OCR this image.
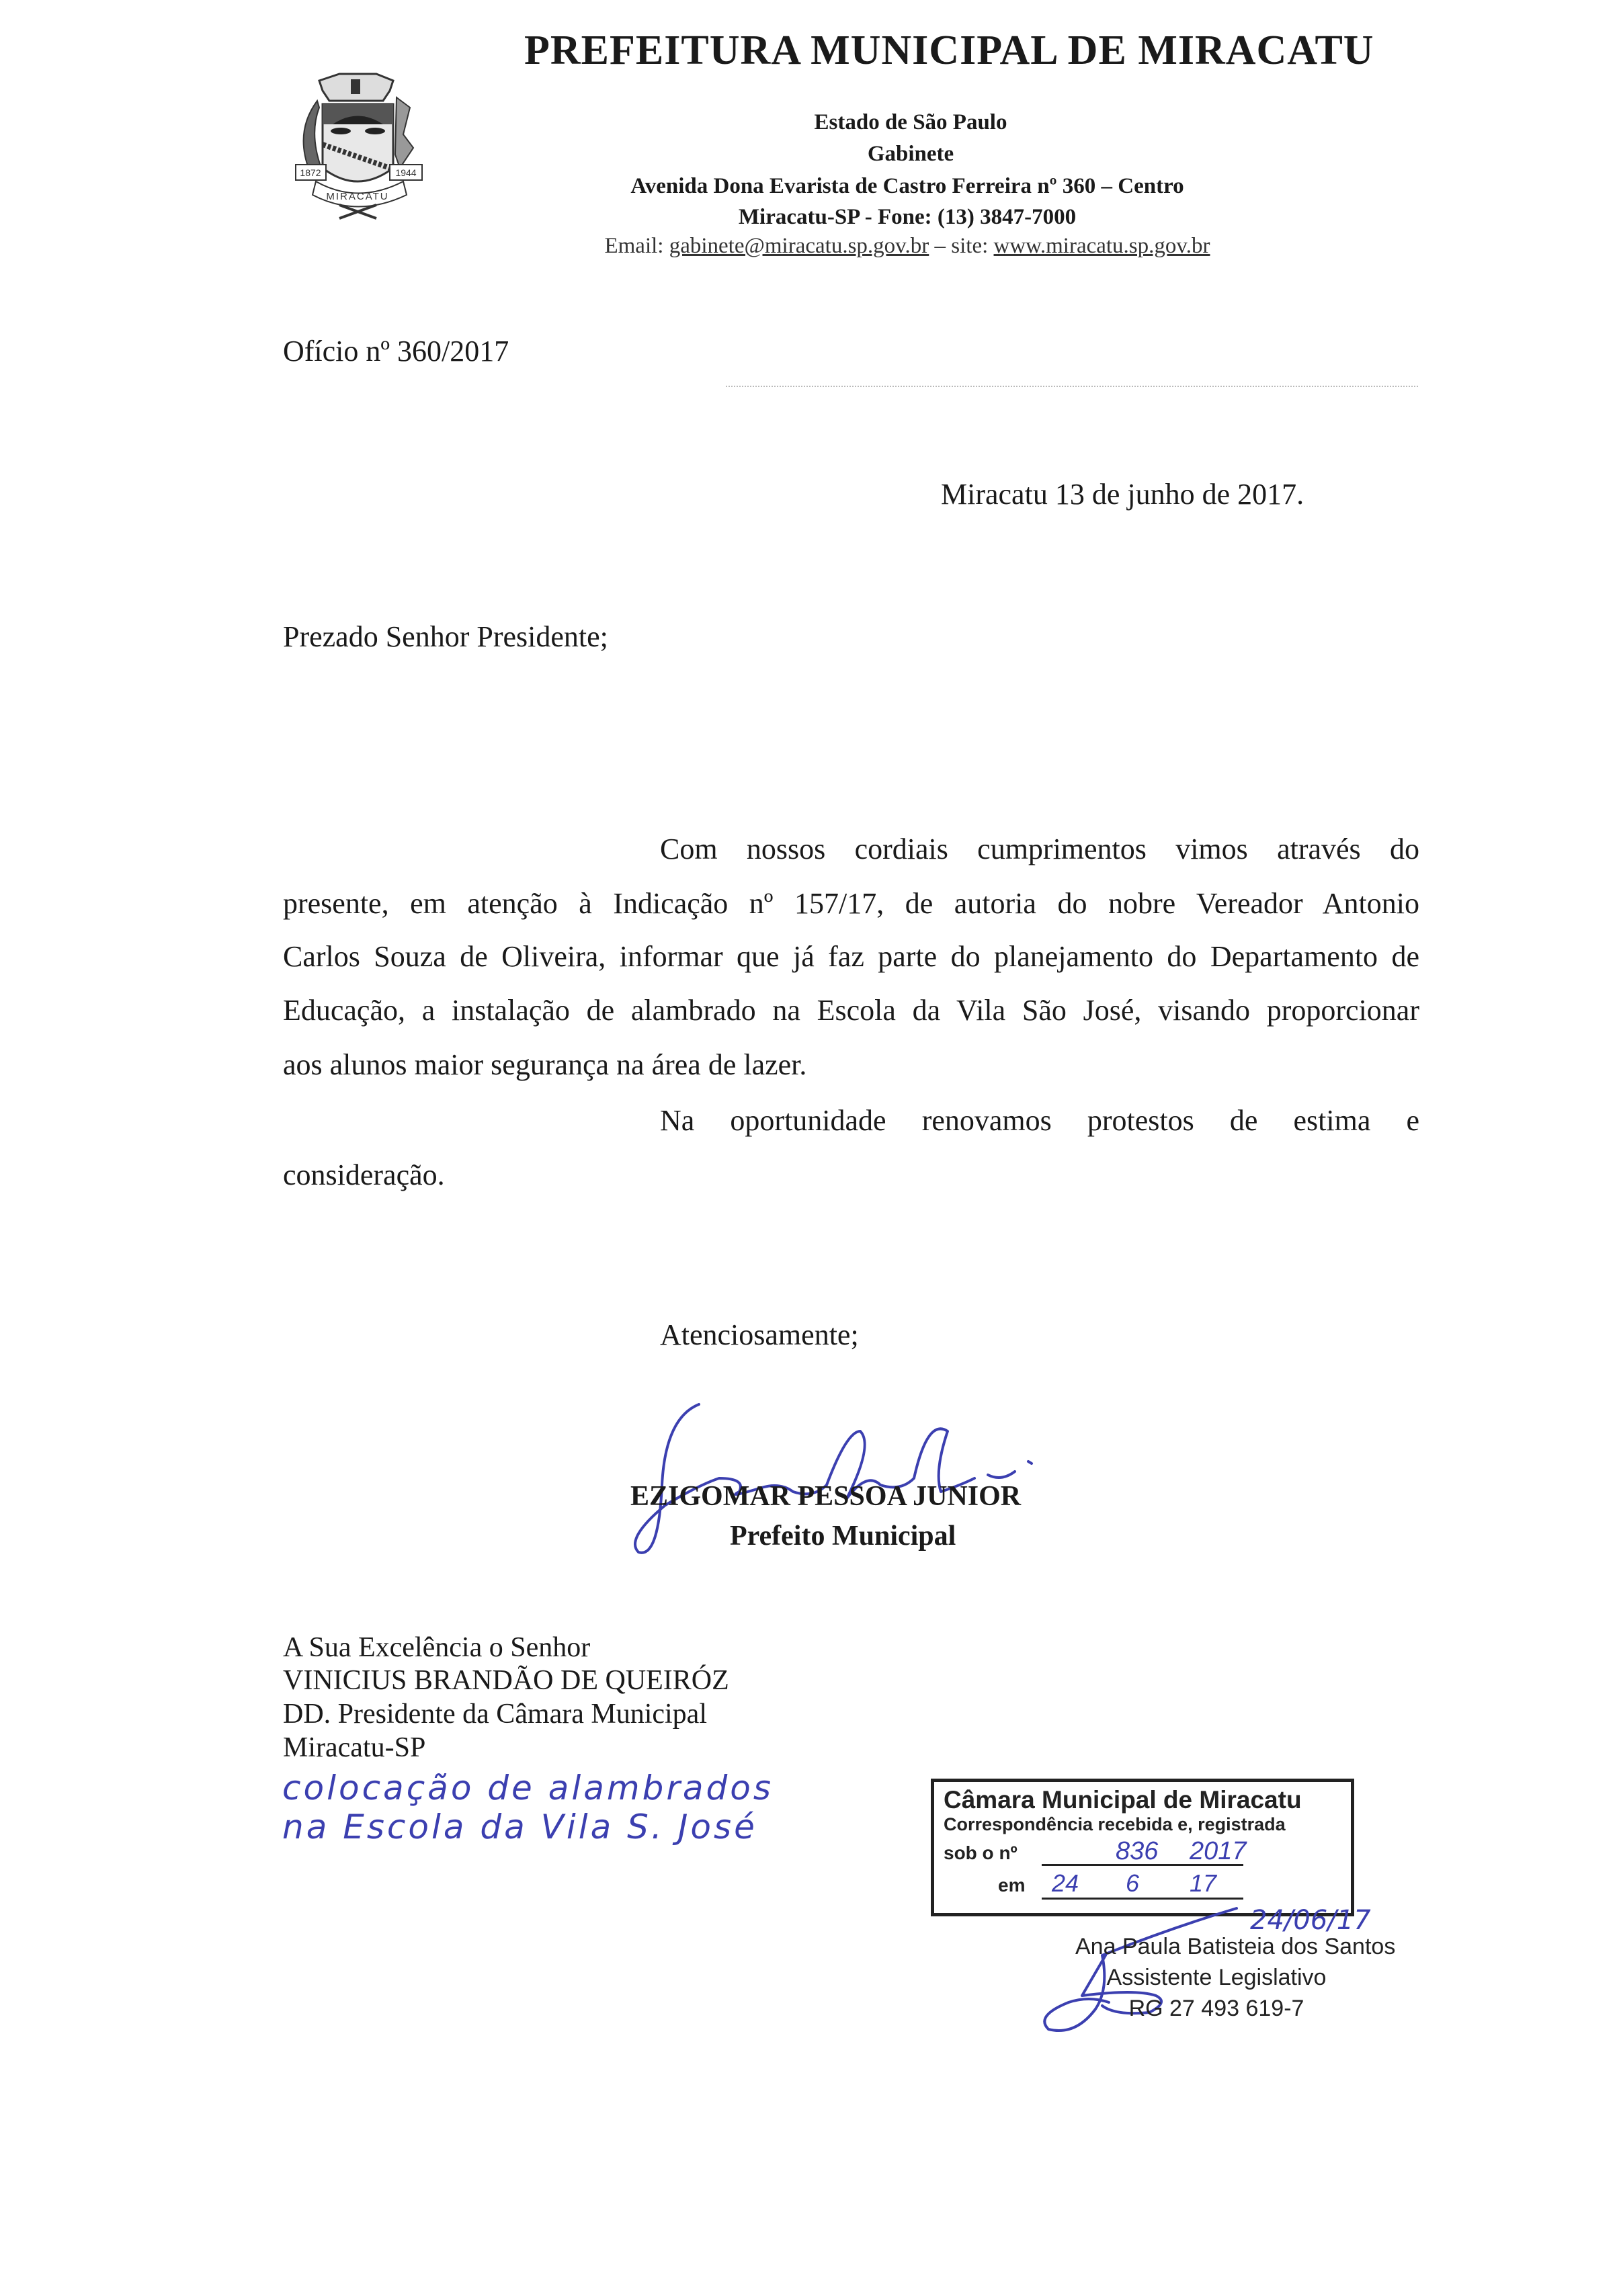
1872	1944
MIRACATU
PREFEITURA MUNICIPAL DE MIRACATU
Estado de São Paulo
Gabinete
Avenida Dona Evarista de Castro Ferreira nº 360 – Centro
Miracatu-SP - Fone: (13) 3847-7000
Email: gabinete@miracatu.sp.gov.br – site: www.miracatu.sp.gov.br
Ofício nº 360/2017
Miracatu 13 de junho de 2017.
Prezado Senhor Presidente;
Com nossos cordiais cumprimentos vimos através do
presente, em atenção à Indicação nº 157/17, de autoria do nobre Vereador Antonio
Carlos Souza de Oliveira, informar que já faz parte do planejamento do Departamento de
Educação, a instalação de alambrado na Escola da Vila São José, visando proporcionar
aos alunos maior segurança na área de lazer.
Na oportunidade renovamos protestos de estima e
consideração.
Atenciosamente;
EZIGOMAR PESSOA JUNIOR
Prefeito Municipal
A Sua Excelência o Senhor
VINICIUS BRANDÃO DE QUEIRÓZ
DD. Presidente da Câmara Municipal
Miracatu-SP
colocação de alambrados
na Escola da Vila S. José
Câmara Municipal de Miracatu
Correspondência recebida e, registrada
sob o nº	836 2017
em 24 6 17
24/06/17
Ana Paula Batisteia dos Santos
Assistente Legislativo
RG 27 493 619-7
